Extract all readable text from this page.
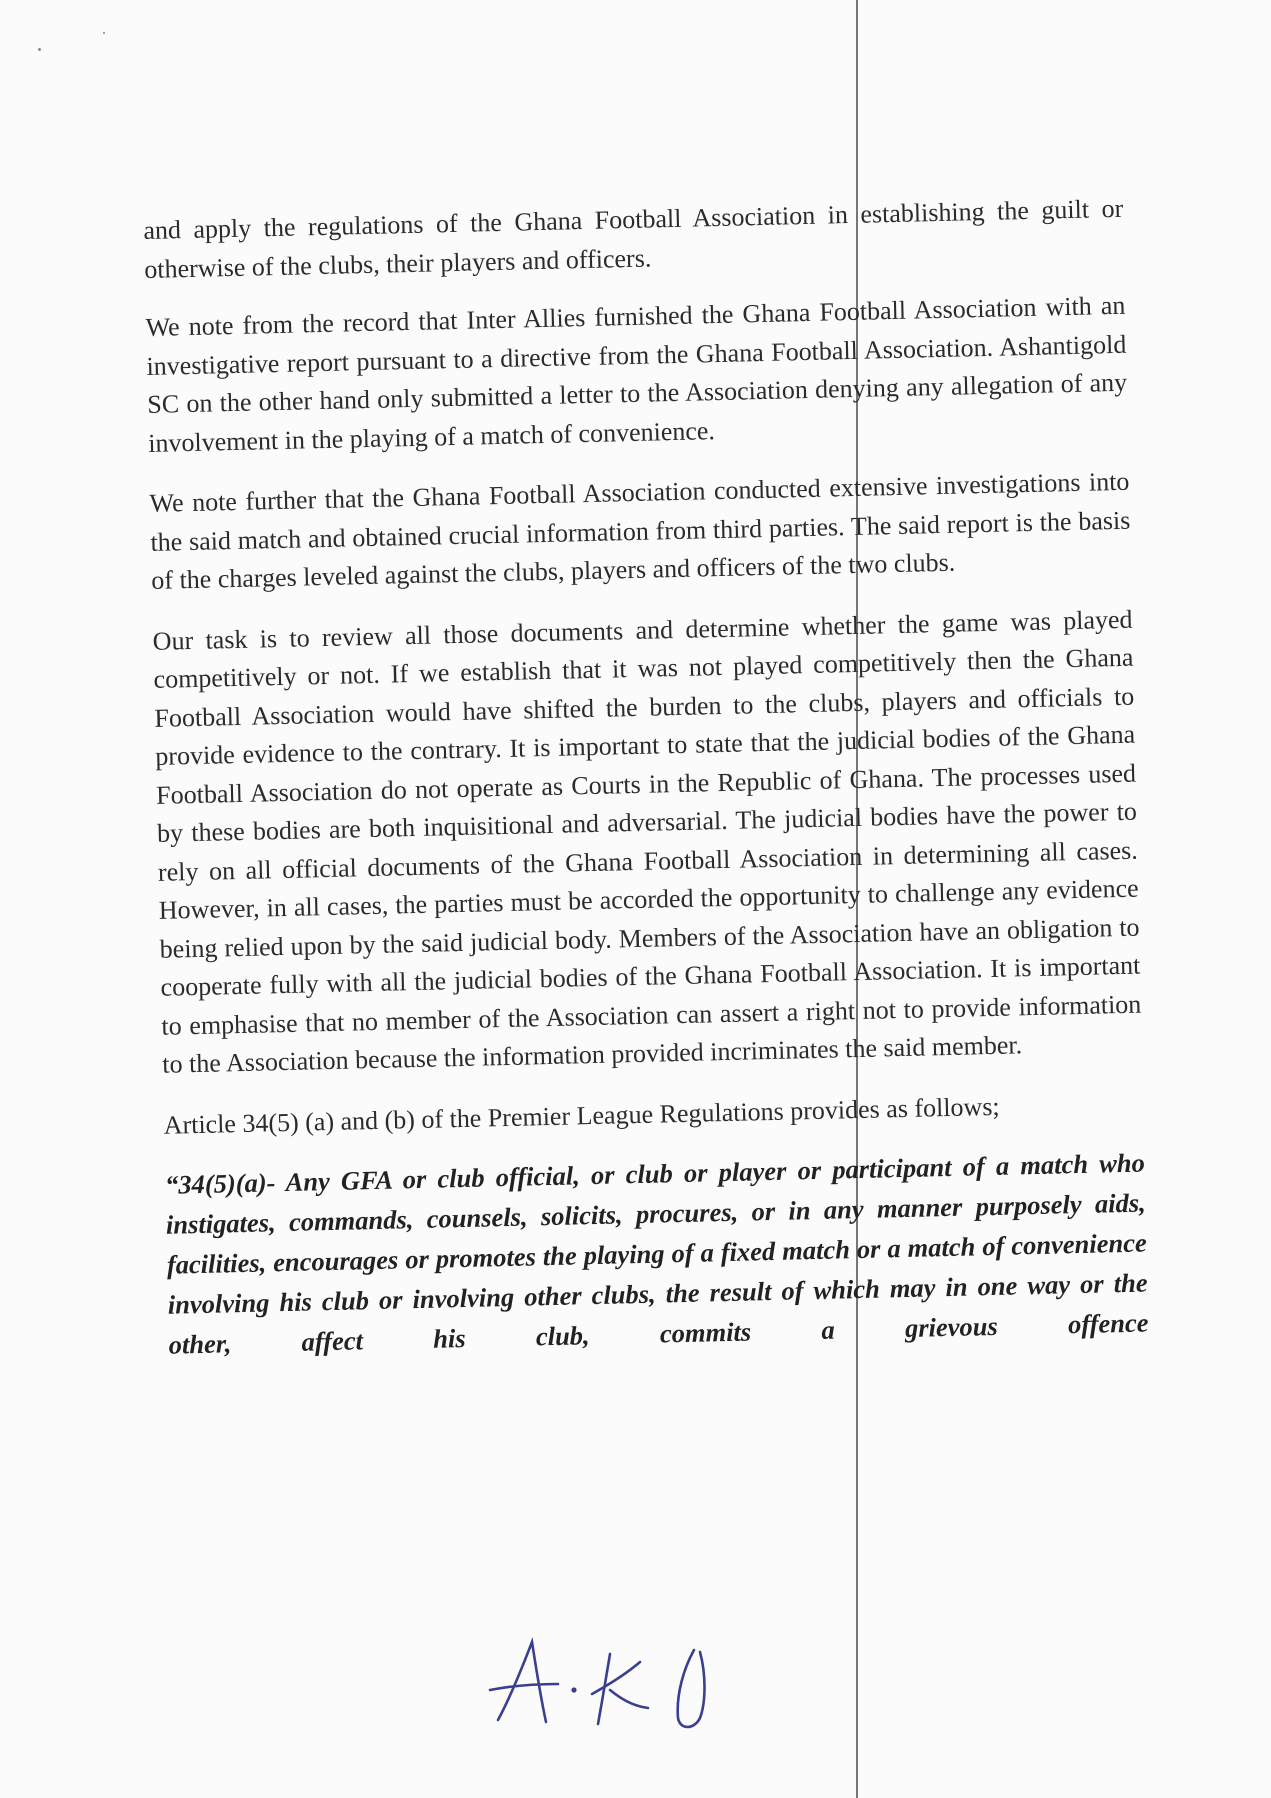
and apply the regulations of the Ghana Football Association in establishing the guilt or otherwise of the clubs, their players and officers.

We note from the record that Inter Allies furnished the Ghana Football Association with an investigative report pursuant to a directive from the Ghana Football Association. Ashantigold SC on the other hand only submitted a letter to the Association denying any allegation of any involvement in the playing of a match of convenience.

We note further that the Ghana Football Association conducted extensive investigations into the said match and obtained crucial information from third parties. The said report is the basis of the charges leveled against the clubs, players and officers of the two clubs.

Our task is to review all those documents and determine whether the game was played competitively or not. If we establish that it was not played competitively then the Ghana Football Association would have shifted the burden to the clubs, players and officials to provide evidence to the contrary. It is important to state that the judicial bodies of the Ghana Football Association do not operate as Courts in the Republic of Ghana. The processes used by these bodies are both inquisitional and adversarial. The judicial bodies have the power to rely on all official documents of the Ghana Football Association in determining all cases. However, in all cases, the parties must be accorded the opportunity to challenge any evidence being relied upon by the said judicial body. Members of the Association have an obligation to cooperate fully with all the judicial bodies of the Ghana Football Association. It is important to emphasise that no member of the Association can assert a right not to provide information to the Association because the information provided incriminates the said member.

Article 34(5) (a) and (b) of the Premier League Regulations provides as follows;

“34(5)(a)- Any GFA or club official, or club or player or participant of a match who instigates, commands, counsels, solicits, procures, or in any manner purposely aids, facilities, encourages or promotes the playing of a fixed match or a match of convenience involving his club or involving other clubs, the result of which may in one way or the other, affect his club, commits a grievous offence
